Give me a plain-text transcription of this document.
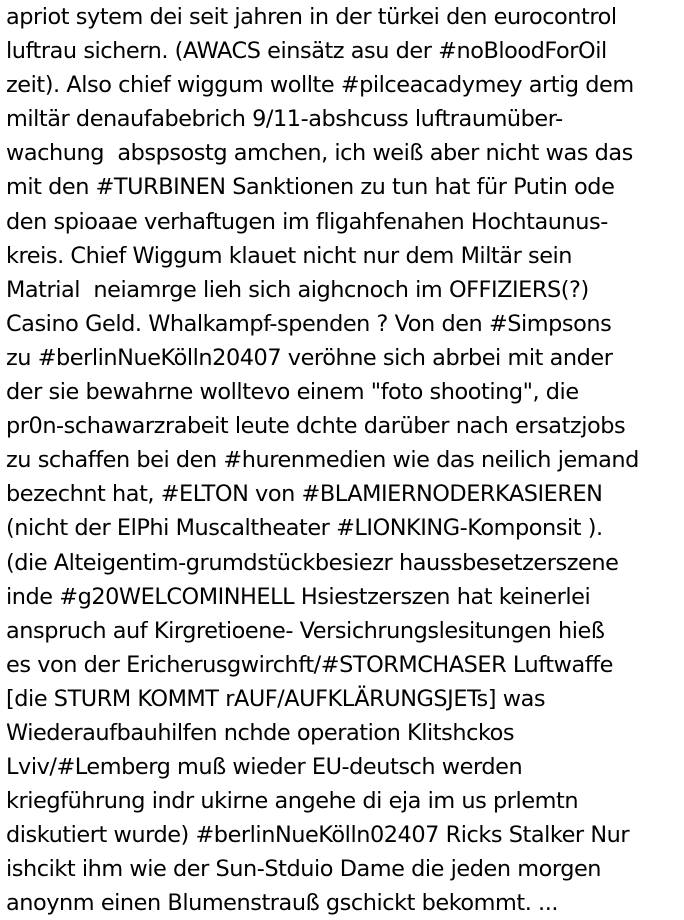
apriot sytem dei seit jahren in der türkei den eurocontrol
luftrau sichern. (AWACS einsätz asu der #noBloodForOil
zeit). Also chief wiggum wollte #pilceacadymey artig dem
miltär denaufabebrich 9/11-abshcuss luftraumüber-
wachung  abspsostg amchen, ich weiß aber nicht was das
mit den #TURBINEN Sanktionen zu tun hat für Putin ode
den spioaae verhaftugen im fligahfenahen Hochtaunus-
kreis. Chief Wiggum klauet nicht nur dem Miltär sein
Matrial  neiamrge lieh sich aighcnoch im OFFIZIERS(?)
Casino Geld. Whalkampf-spenden ? Von den #Simpsons
zu #berlinNueKölln20407 veröhne sich abrbei mit ander
der sie bewahrne wolltevo einem "foto shooting", die
pr0n-schawarzrabeit leute dchte darüber nach ersatzjobs
zu schaffen bei den #hurenmedien wie das neilich jemand
bezechnt hat, #ELTON von #BLAMIERNODERKASIEREN
(nicht der ElPhi Muscaltheater #LIONKING-Komponsit ).
(die Alteigentim-grumdstückbesiezr haussbesetzerszene
inde #g20WELCOMINHELL Hsiestzerszen hat keinerlei
anspruch auf Kirgretioene- Versichrungslesitungen hieß
es von der Ericherusgwirchft/#STORMCHASER Luftwaffe
[die STURM KOMMT rAUF/AUFKLÄRUNGSJETs] was
Wiederaufbauhilfen nchde operation Klitshckos
Lviv/#Lemberg muß wieder EU-deutsch werden
kriegführung indr ukirne angehe di eja im us prlemtn
diskutiert wurde) #berlinNueKölln02407 Ricks Stalker Nur
ishcikt ihm wie der Sun-Stduio Dame die jeden morgen
anoynm einen Blumenstrauß gschickt bekommt. ...
